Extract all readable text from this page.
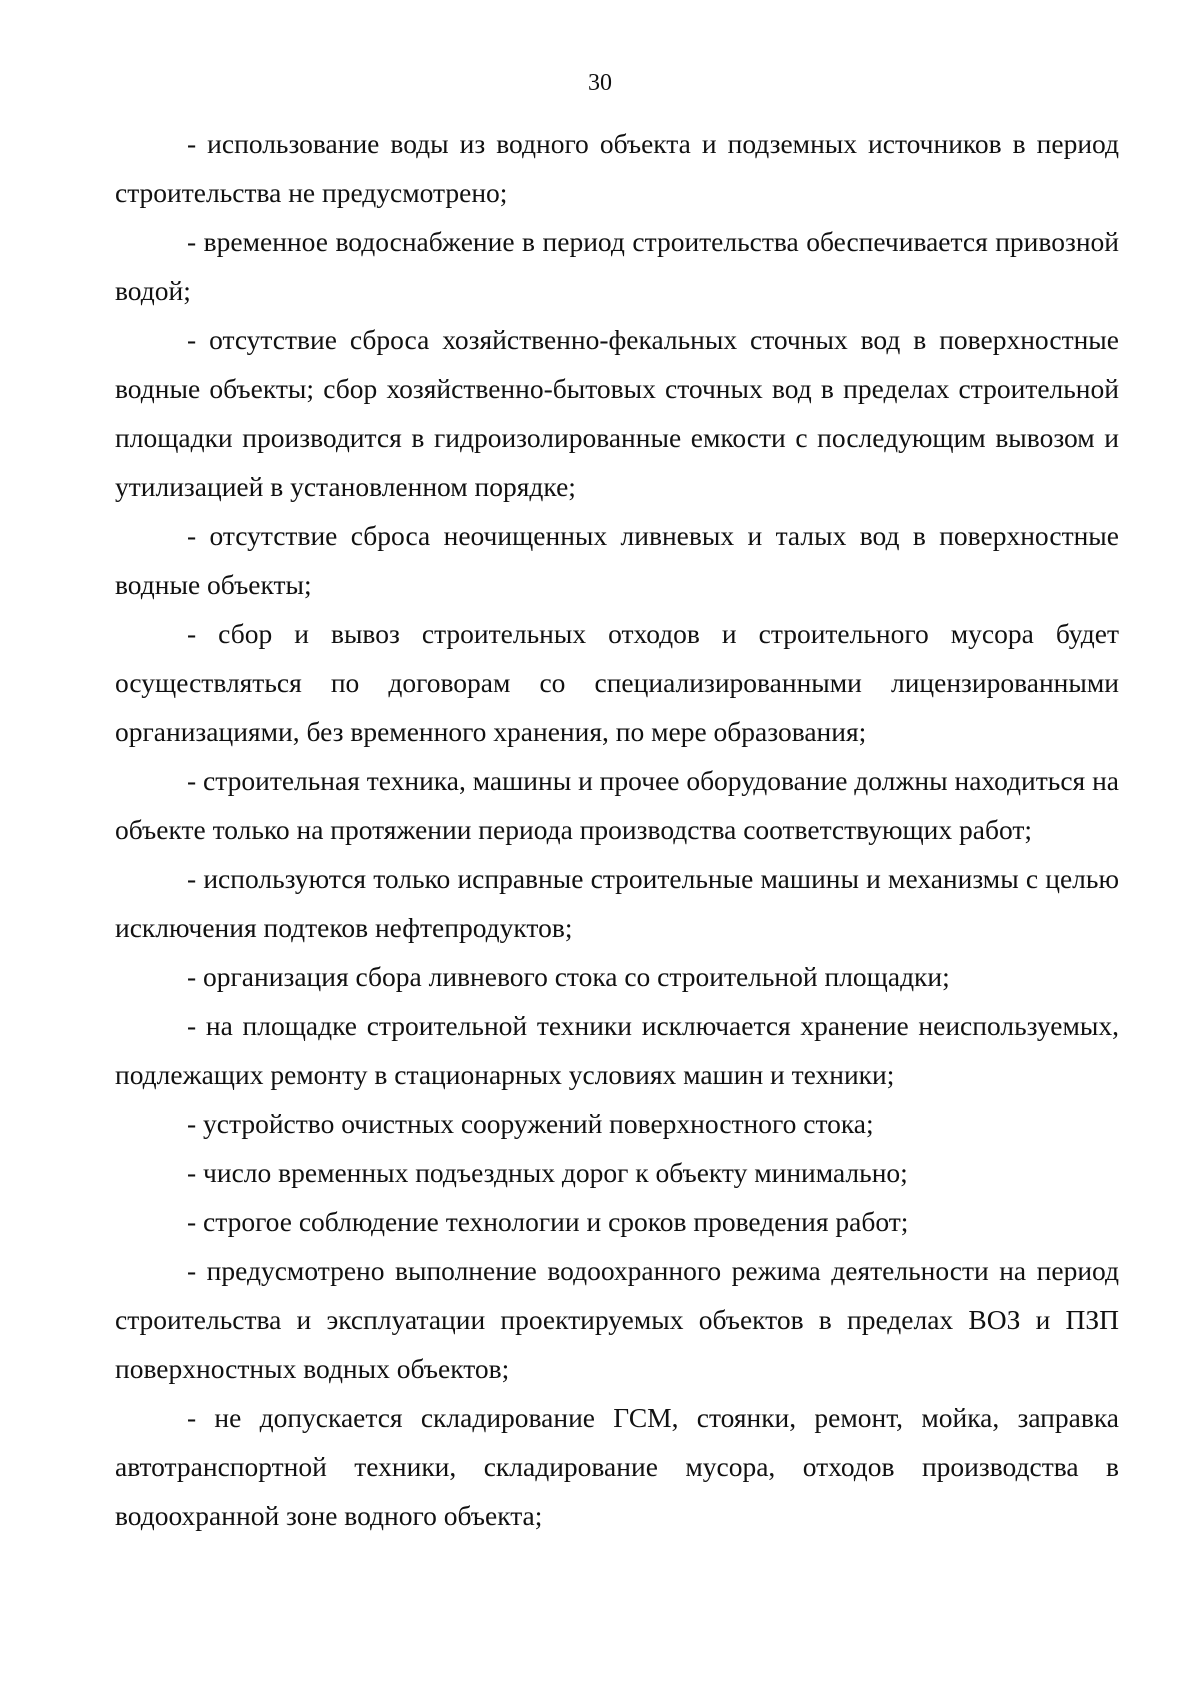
30

- использование воды из водного объекта и подземных источников в период строительства не предусмотрено;

- временное водоснабжение в период строительства обеспечивается привозной водой;

- отсутствие сброса хозяйственно-фекальных сточных вод в поверхностные водные объекты; сбор хозяйственно-бытовых сточных вод в пределах строительной площадки производится в гидроизолированные емкости с последующим вывозом и утилизацией в установленном порядке;

- отсутствие сброса неочищенных ливневых и талых вод в поверхностные водные объекты;

- сбор и вывоз строительных отходов и строительного мусора будет осуществляться по договорам со специализированными лицензированными организациями, без временного хранения, по мере образования;

- строительная техника, машины и прочее оборудование должны находиться на объекте только на протяжении периода производства соответствующих работ;

- используются только исправные строительные машины и механизмы с целью исключения подтеков нефтепродуктов;

- организация сбора ливневого стока со строительной площадки;

- на площадке строительной техники исключается хранение неиспользуемых, подлежащих ремонту в стационарных условиях машин и техники;

- устройство очистных сооружений поверхностного стока;

- число временных подъездных дорог к объекту минимально;

- строгое соблюдение технологии и сроков проведения работ;

- предусмотрено выполнение водоохранного режима деятельности на период строительства и эксплуатации проектируемых объектов в пределах ВОЗ и ПЗП поверхностных водных объектов;

- не допускается складирование ГСМ, стоянки, ремонт, мойка, заправка автотранспортной техники, складирование мусора, отходов производства в водоохранной зоне водного объекта;
